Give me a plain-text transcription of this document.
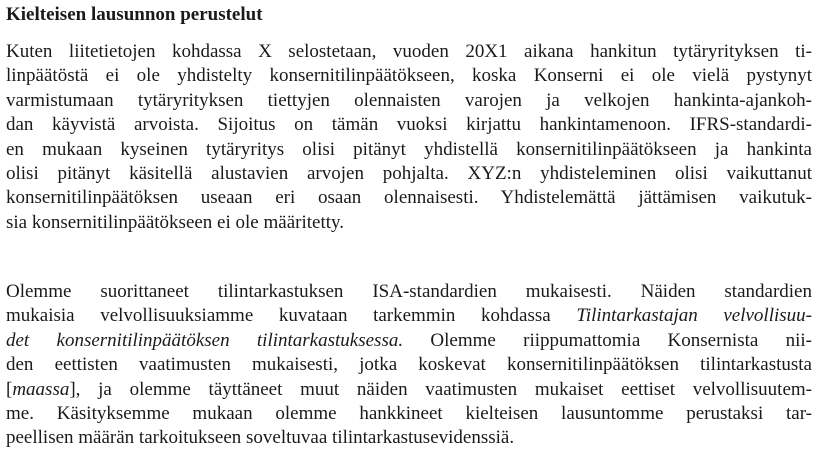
Kielteisen lausunnon perustelut
Kuten liitetietojen kohdassa X selostetaan, vuoden 20X1 aikana hankitun tytäryrityksen ti-
linpäätöstä ei ole yhdistelty konsernitilinpäätökseen, koska Konserni ei ole vielä pystynyt
varmistumaan tytäryrityksen tiettyjen olennaisten varojen ja velkojen hankinta-ajankoh-
dan käyvistä arvoista. Sijoitus on tämän vuoksi kirjattu hankintamenoon. IFRS-standardi-
en mukaan kyseinen tytäryritys olisi pitänyt yhdistellä konsernitilinpäätökseen ja hankinta
olisi pitänyt käsitellä alustavien arvojen pohjalta. XYZ:n yhdisteleminen olisi vaikuttanut
konsernitilinpäätöksen useaan eri osaan olennaisesti. Yhdistelemättä jättämisen vaikutuk-
sia konsernitilinpäätökseen ei ole määritetty.
Olemme suorittaneet tilintarkastuksen ISA-standardien mukaisesti. Näiden standardien
mukaisia velvollisuuksiamme kuvataan tarkemmin kohdassa Tilintarkastajan velvollisuu-
det konsernitilinpäätöksen tilintarkastuksessa. Olemme riippumattomia Konsernista nii-
den eettisten vaatimusten mukaisesti, jotka koskevat konsernitilinpäätöksen tilintarkastusta
[maassa], ja olemme täyttäneet muut näiden vaatimusten mukaiset eettiset velvollisuutem-
me. Käsityksemme mukaan olemme hankkineet kielteisen lausuntomme perustaksi tar-
peellisen määrän tarkoitukseen soveltuvaa tilintarkastusevidenssiä.
